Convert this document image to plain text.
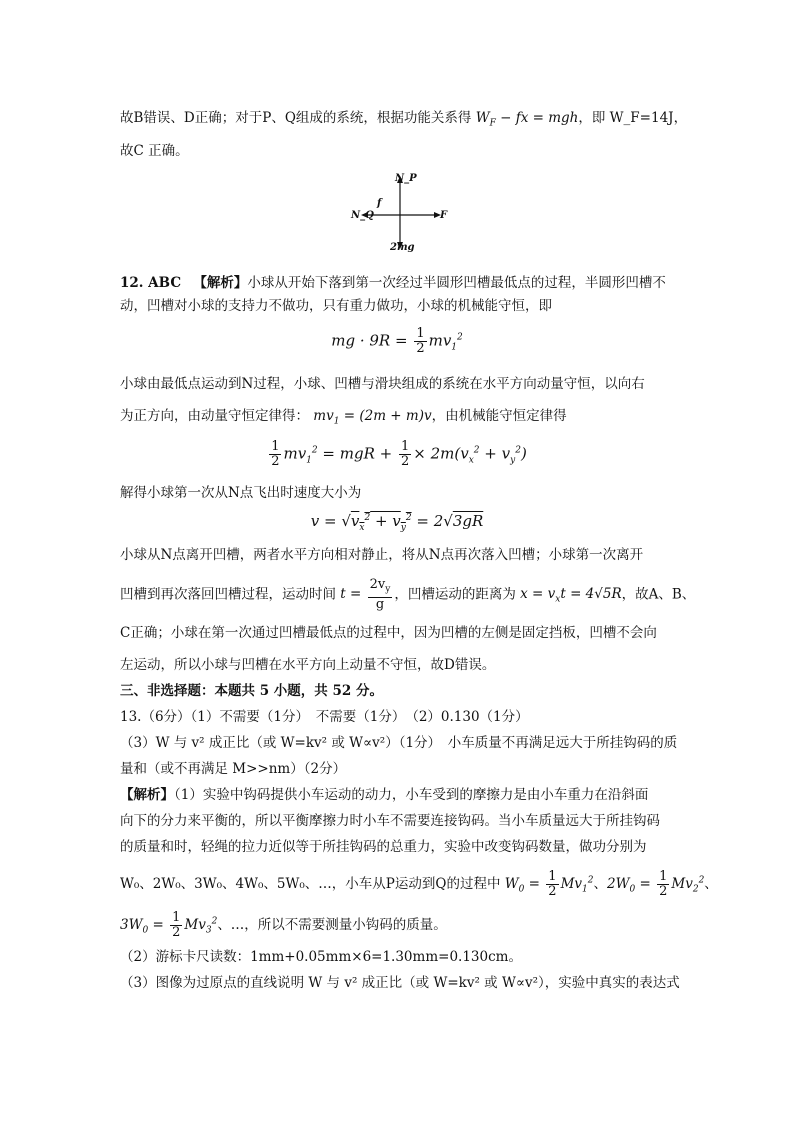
故B错误、D正确；对于P、Q组成的系统，根据功能关系得 $W_F$ − fx = mgh，即 W_F=14J，
故C 正确。
N_P
N_Q
f
F
2mg
12. ABC 【解析】小球从开始下落到第一次经过半圆形凹槽最低点的过程，半圆形凹槽不
动，凹槽对小球的支持力不做功，只有重力做功，小球的机械能守恒，即
mg · $9R = \frac{1}{2} mv_1^2$
小球由最低点运动到N过程，小球、凹槽与滑块组成的系统在水平方向动量守恒，以向右
为正方向，由动量守恒定律得： $mv_1 = (2m + m)v$，由机械能守恒定律得
$\frac{1}{2} mv_1^2$ = mgR + $\frac{1}{2} \times 2m(v_x^2 + v_y^2)$
解得小球第一次从N点飞出时速度大小为
$v = √v_x^2 + v_y^2 = 2√3gR$
小球从N点离开凹槽，两者水平方向相对静止，将从N点再次落入凹槽；小球第一次离开
凹槽到再次落回凹槽过程，运动时间 $t = \frac{2v_y}{g}$ ，凹槽运动的距离为 $x = v_xt = 4√5R$，故A、B、
C正确；小球在第一次通过凹槽最低点的过程中，因为凹槽的左侧是固定挡板，凹槽不会向
左运动，所以小球与凹槽在水平方向上动量不守恒，故D错误。
三、非选择题：本题共 5 小题，共 52 分。
13.（6分）（1）不需要（1分）　不需要（1分）　（2）0.130（1分）
（3）W 与 v² 成正比（或 W=kv² 或 W∝v²）（1分）　小车质量不再满足远大于所挂钩码的质
量和（或不再满足 M>>nm）（2分）
【解析】（1）实验中钩码提供小车运动的动力，小车受到的摩擦力是由小车重力在沿斜面
向下的分力来平衡的，所以平衡摩擦力时小车不需要连接钩码。当小车质量远大于所挂钩码
的质量和时，轻绳的拉力近似等于所挂钩码的总重力，实验中改变钩码数量，做功分别为
W₀、2W₀、3W₀、4W₀、5W₀、…，小车从P运动到Q的过程中 $W_0 = \frac{1}{2} Mv_1^2$、$2W_0 = \frac{1}{2} Mv_2^2$、
$3W_0 = \frac{1}{2} Mv_3^2$、…，所以不需要测量小钩码的质量。
（2）游标卡尺读数：1mm+0.05mm×6=1.30mm=0.130cm。
（3）图像为过原点的直线说明 W 与 v² 成正比（或 W=kv² 或 W∝v²），实验中真实的表达式
